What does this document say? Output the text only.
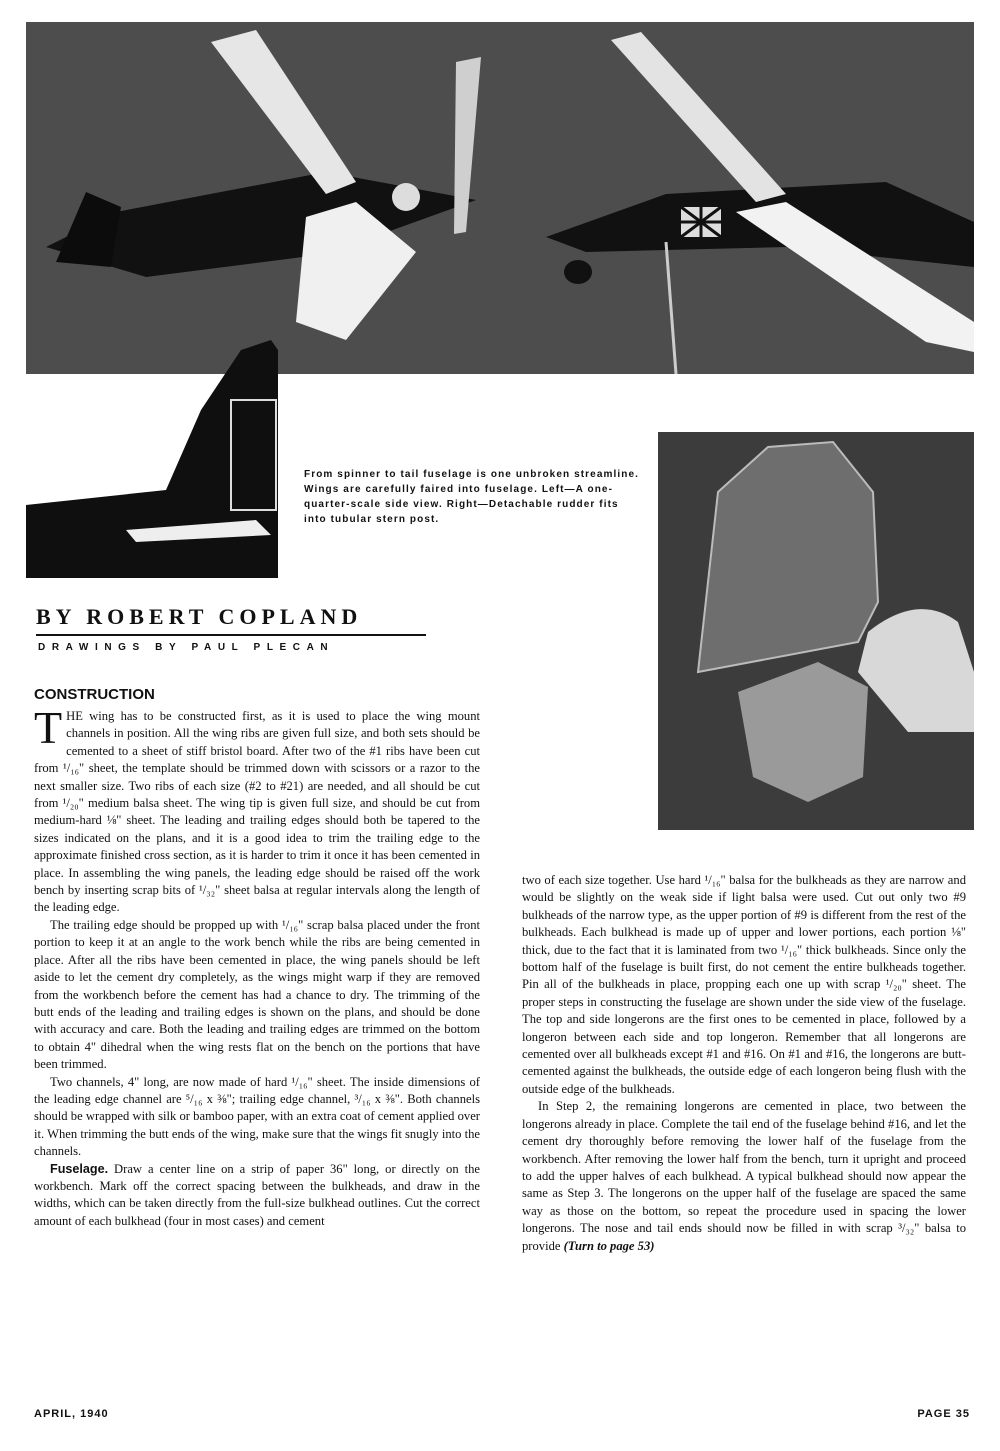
From spinner to tail fuselage is one unbroken streamline. Wings are carefully faired into fuselage. Left—A one-quarter-scale side view. Right—Detachable rudder fits into tubular stern post.
BY ROBERT COPLAND
DRAWINGS BY PAUL PLECAN
CONSTRUCTION

THE wing has to be constructed first, as it is used to place the wing mount channels in position. All the wing ribs are given full size, and both sets should be cemented to a sheet of stiff bristol board. After two of the #1 ribs have been cut from ¹/₁₆" sheet, the template should be trimmed down with scissors or a razor to the next smaller size. Two ribs of each size (#2 to #21) are needed, and all should be cut from ¹/₂₀" medium balsa sheet. The wing tip is given full size, and should be cut from medium-hard ⅛" sheet. The leading and trailing edges should both be tapered to the sizes indicated on the plans, and it is a good idea to trim the trailing edge to the approximate finished cross section, as it is harder to trim it once it has been cemented in place. In assembling the wing panels, the leading edge should be raised off the work bench by inserting scrap bits of ¹/₃₂" sheet balsa at regular intervals along the length of the leading edge.

The trailing edge should be propped up with ¹/₁₆" scrap balsa placed under the front portion to keep it at an angle to the work bench while the ribs are being cemented in place. After all the ribs have been cemented in place, the wing panels should be left aside to let the cement dry completely, as the wings might warp if they are removed from the workbench before the cement has had a chance to dry. The trimming of the butt ends of the leading and trailing edges is shown on the plans, and should be done with accuracy and care. Both the leading and trailing edges are trimmed on the bottom to obtain 4" dihedral when the wing rests flat on the bench on the portions that have been trimmed.

Two channels, 4" long, are now made of hard ¹/₁₆" sheet. The inside dimensions of the leading edge channel are ⁵/₁₆ x ⅜"; trailing edge channel, ³/₁₆ x ⅜". Both channels should be wrapped with silk or bamboo paper, with an extra coat of cement applied over it. When trimming the butt ends of the wing, make sure that the wings fit snugly into the channels.

Fuselage. Draw a center line on a strip of paper 36" long, or directly on the workbench. Mark off the correct spacing between the bulkheads, and draw in the widths, which can be taken directly from the full-size bulkhead outlines. Cut the correct amount of each bulkhead (four in most cases) and cement

two of each size together. Use hard ¹/₁₆" balsa for the bulkheads as they are narrow and would be slightly on the weak side if light balsa were used. Cut out only two #9 bulkheads of the narrow type, as the upper portion of #9 is different from the rest of the bulkheads. Each bulkhead is made up of upper and lower portions, each portion ⅛" thick, due to the fact that it is laminated from two ¹/₁₆" thick bulkheads. Since only the bottom half of the fuselage is built first, do not cement the entire bulkheads together. Pin all of the bulkheads in place, propping each one up with scrap ¹/₂₀" sheet. The proper steps in constructing the fuselage are shown under the side view of the fuselage. The top and side longerons are the first ones to be cemented in place, followed by a longeron between each side and top longeron. Remember that all longerons are cemented over all bulkheads except #1 and #16. On #1 and #16, the longerons are butt-cemented against the bulkheads, the outside edge of each longeron being flush with the outside edge of the bulkheads.

In Step 2, the remaining longerons are cemented in place, two between the longerons already in place. Complete the tail end of the fuselage behind #16, and let the cement dry thoroughly before removing the lower half of the fuselage from the workbench. After removing the lower half from the bench, turn it upright and proceed to add the upper halves of each bulkhead. A typical bulkhead should now appear the same as Step 3. The longerons on the upper half of the fuselage are spaced the same way as those on the bottom, so repeat the procedure used in spacing the lower longerons. The nose and tail ends should now be filled in with scrap ³/₃₂" balsa to provide (Turn to page 53)

APRIL, 1940	PAGE 35
